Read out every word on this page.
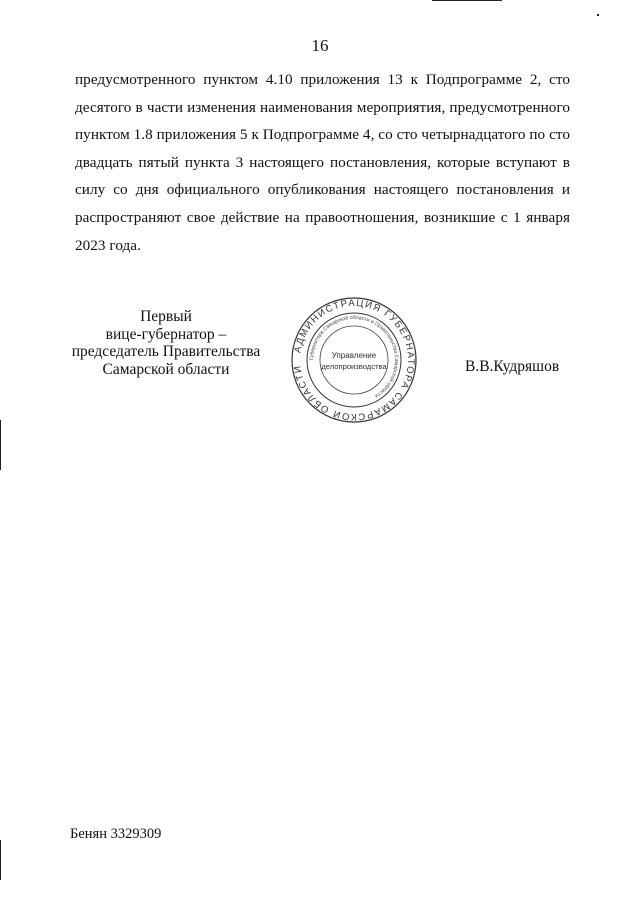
16

предусмотренного пунктом 4.10 приложения 13 к Подпрограмме 2, сто десятого в части изменения наименования мероприятия, предусмотренного пунктом 1.8 приложения 5 к Подпрограмме 4, со сто четырнадцатого по сто двадцать пятый пункта 3 настоящего постановления, которые вступают в силу со дня официального опубликования настоящего постановления и распространяют свое действие на правоотношения, возникшие с 1 января 2023 года.

Первый
вице-губернатор –
председатель Правительства
Самарской области
АДМИНИСТРАЦИЯ ГУБЕРНАТОРА САМАРСКОЙ ОБЛАСТИ
Губернатора Самарской области и Правительства Самарской области
Управление
делопроизводства	В.В.Кудряшов
Бенян 3329309
